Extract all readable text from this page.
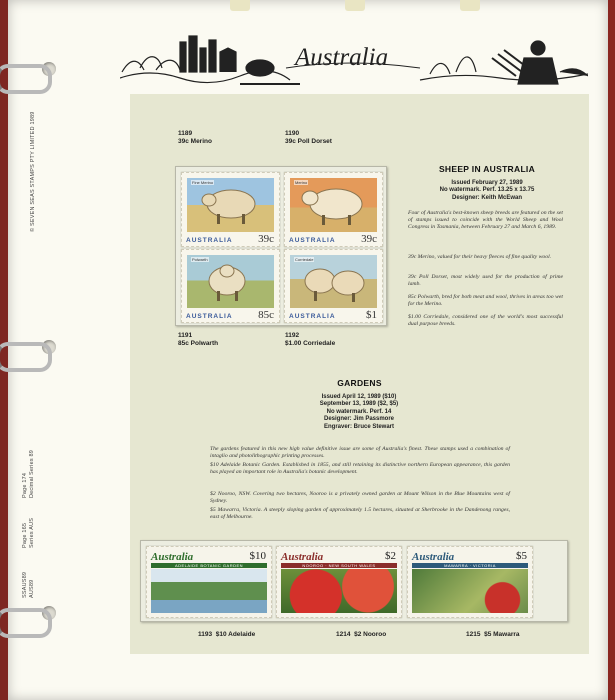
© SEVEN SEAS STAMPS PTY LIMITED 1989
Page 174 Decimal Series 89
Page 165 Series AUS
SSAUS89 AUS89
Australia
1189
39c Merino
1190
39c Poll Dorset
Fine Merino
AUSTRALIA 39c
Merino
AUSTRALIA 39c
Polwarth
AUSTRALIA 85c
Corriedale
AUSTRALIA	$1
1191
85c Polwarth
1192
$1.00 Corriedale
SHEEP IN AUSTRALIA
Issued February 27, 1989
No watermark. Perf. 13.25 x 13.75
Designer: Keith McEwan

Four of Australia's best-known sheep breeds are featured on the set of stamps issued to coincide with the World Sheep and Wool Congress in Tasmania, between February 27 and March 6, 1989.

39c Merino, valued for their heavy fleeces of fine quality wool.

39c Poll Dorset, most widely used for the production of prime lamb.

85c Polwarth, bred for both meat and wool, thrives in areas too wet for the Merino.

$1.00 Corriedale, considered one of the world's most successful dual purpose breeds.

GARDENS
Issued April 12, 1989 ($10)
September 13, 1989 ($2, $5)
No watermark. Perf. 14
Designer: Jim Passmore
Engraver: Bruce Stewart

The gardens featured in this new high value definitive issue are some of Australia's finest. These stamps used a combination of intaglio and photolithographic printing processes.

$10 Adelaide Botanic Garden. Established in 1855, and still retaining its distinctive northern European appearance, this garden has played an important role in Australia's botanic development.

$2 Nooroo, NSW. Covering two hectares, Nooroo is a privately owned garden at Mount Wilson in the Blue Mountains west of Sydney.

$5 Mawarra, Victoria. A steeply sloping garden of approximately 1.5 hectares, situated at Sherbrooke in the Dandenong ranges, east of Melbourne.

Australia	$10
ADELAIDE BOTANIC GARDEN
Australia	$2
NOOROO · NEW SOUTH WALES
Australia	$5
MAWARRA · VICTORIA
1193 $10 Adelaide	1214 $2 Nooroo	1215 $5 Mawarra
